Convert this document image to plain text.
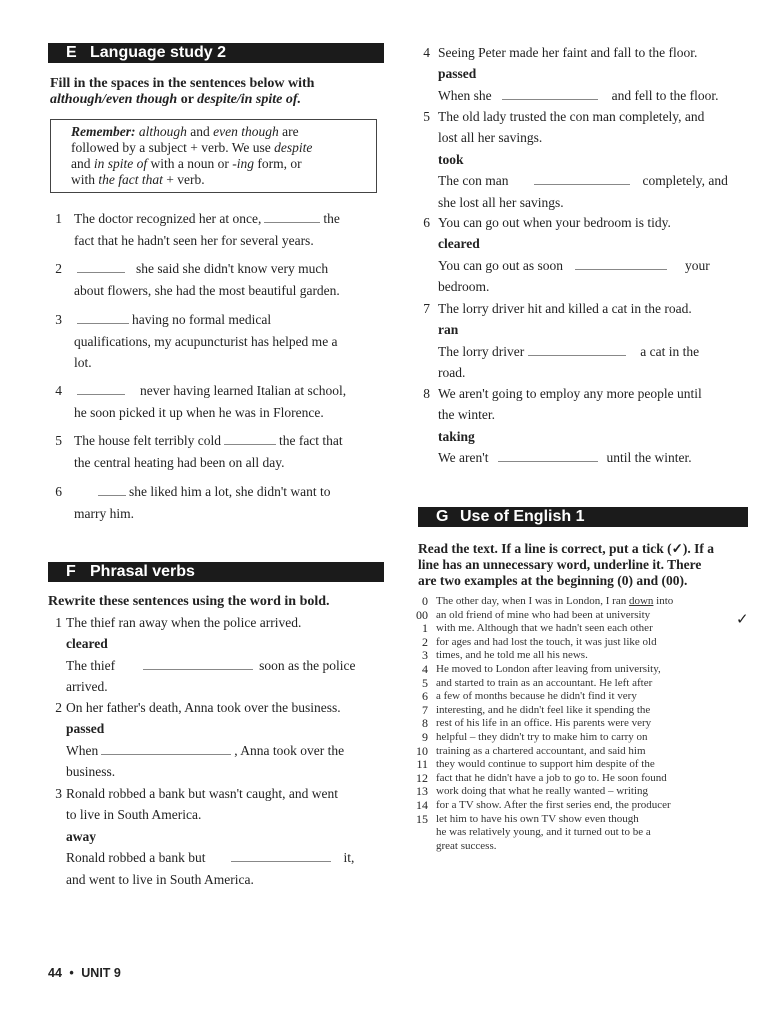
E Language study 2
Fill in the spaces in the sentences below with
although/even though or despite/in spite of.
Remember: although and even though are
followed by a subject + verb. We use despite
and in spite of with a noun or -ing form, or
with the fact that + verb.
1 The doctor recognized her at once,	the
fact that he hadn't seen her for several years.
2	she said she didn't know very much
about flowers, she had the most beautiful garden.
3	having no formal medical
qualifications, my acupuncturist has helped me a
lot.
4	never having learned Italian at school,
he soon picked it up when he was in Florence.
5 The house felt terribly cold	the fact that
the central heating had been on all day.
6	she liked him a lot, she didn't want to
marry him.
F Phrasal verbs
Rewrite these sentences using the word in bold.
1 The thief ran away when the police arrived.
cleared
The thief	soon as the police
arrived.
2 On her father's death, Anna took over the business.
passed
When	, Anna took over the
business.
3 Ronald robbed a bank but wasn't caught, and went
to live in South America.
away
Ronald robbed a bank but	it,
and went to live in South America.
4 Seeing Peter made her faint and fall to the floor.
passed
When she	and fell to the floor.
5 The old lady trusted the con man completely, and
lost all her savings.
took
The con man	completely, and
she lost all her savings.
6 You can go out when your bedroom is tidy.
cleared
You can go out as soon	your
bedroom.
7 The lorry driver hit and killed a cat in the road.
ran
The lorry driver	a cat in the
road.
8 We aren't going to employ any more people until
the winter.
taking
We aren't	until the winter.
G Use of English 1
Read the text. If a line is correct, put a tick (✓). If a
line has an unnecessary word, underline it. There
are two examples at the beginning (0) and (00).
0 The other day, when I was in London, I ran down into
00 an old friend of mine who had been at university
1 with me. Although that we hadn't seen each other
2 for ages and had lost the touch, it was just like old
3 times, and he told me all his news.
4 He moved to London after leaving from university,
5 and started to train as an accountant. He left after
6 a few of months because he didn't find it very
7 interesting, and he didn't feel like it spending the
8 rest of his life in an office. His parents were very
9 helpful – they didn't try to make him to carry on
10 training as a chartered accountant, and said him
11 they would continue to support him despite of the
12 fact that he didn't have a job to go to. He soon found
13 work doing that what he really wanted – writing
14 for a TV show. After the first series end, the producer
15 let him to have his own TV show even though
he was relatively young, and it turned out to be a
great success.
✓
44 • UNIT 9
